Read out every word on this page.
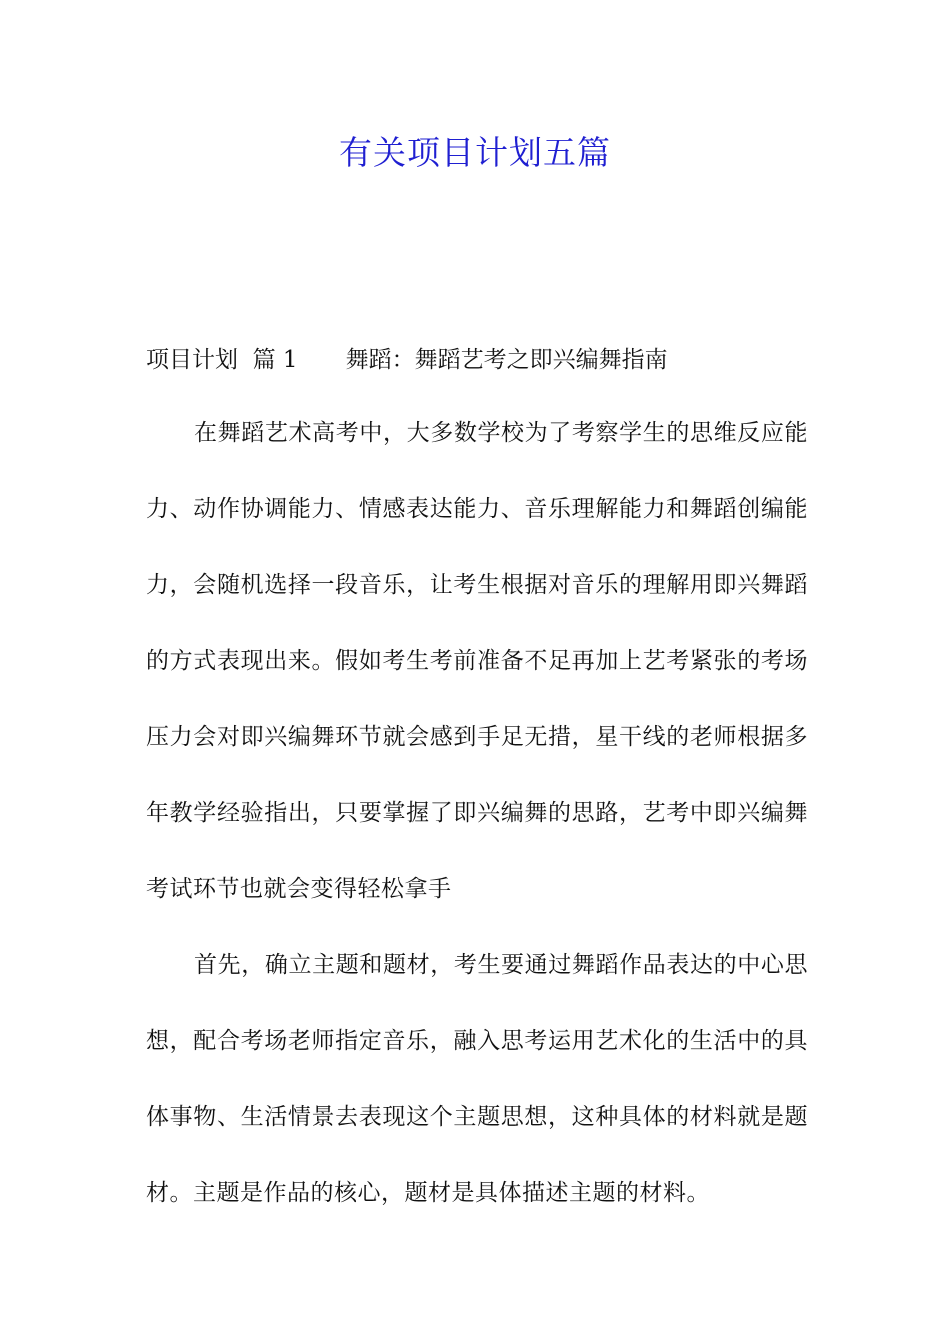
有关项目计划五篇
项目计划  篇 1 舞蹈：舞蹈艺考之即兴编舞指南

在舞蹈艺术高考中，大多数学校为了考察学生的思维反应能力、动作协调能力、情感表达能力、音乐理解能力和舞蹈创编能力，会随机选择一段音乐，让考生根据对音乐的理解用即兴舞蹈的方式表现出来。假如考生考前准备不足再加上艺考紧张的考场压力会对即兴编舞环节就会感到手足无措，星干线的老师根据多年教学经验指出，只要掌握了即兴编舞的思路，艺考中即兴编舞考试环节也就会变得轻松拿手

首先，确立主题和题材，考生要通过舞蹈作品表达的中心思想，配合考场老师指定音乐，融入思考运用艺术化的生活中的具体事物、生活情景去表现这个主题思想，这种具体的材料就是题材。主题是作品的核心，题材是具体描述主题的材料。
